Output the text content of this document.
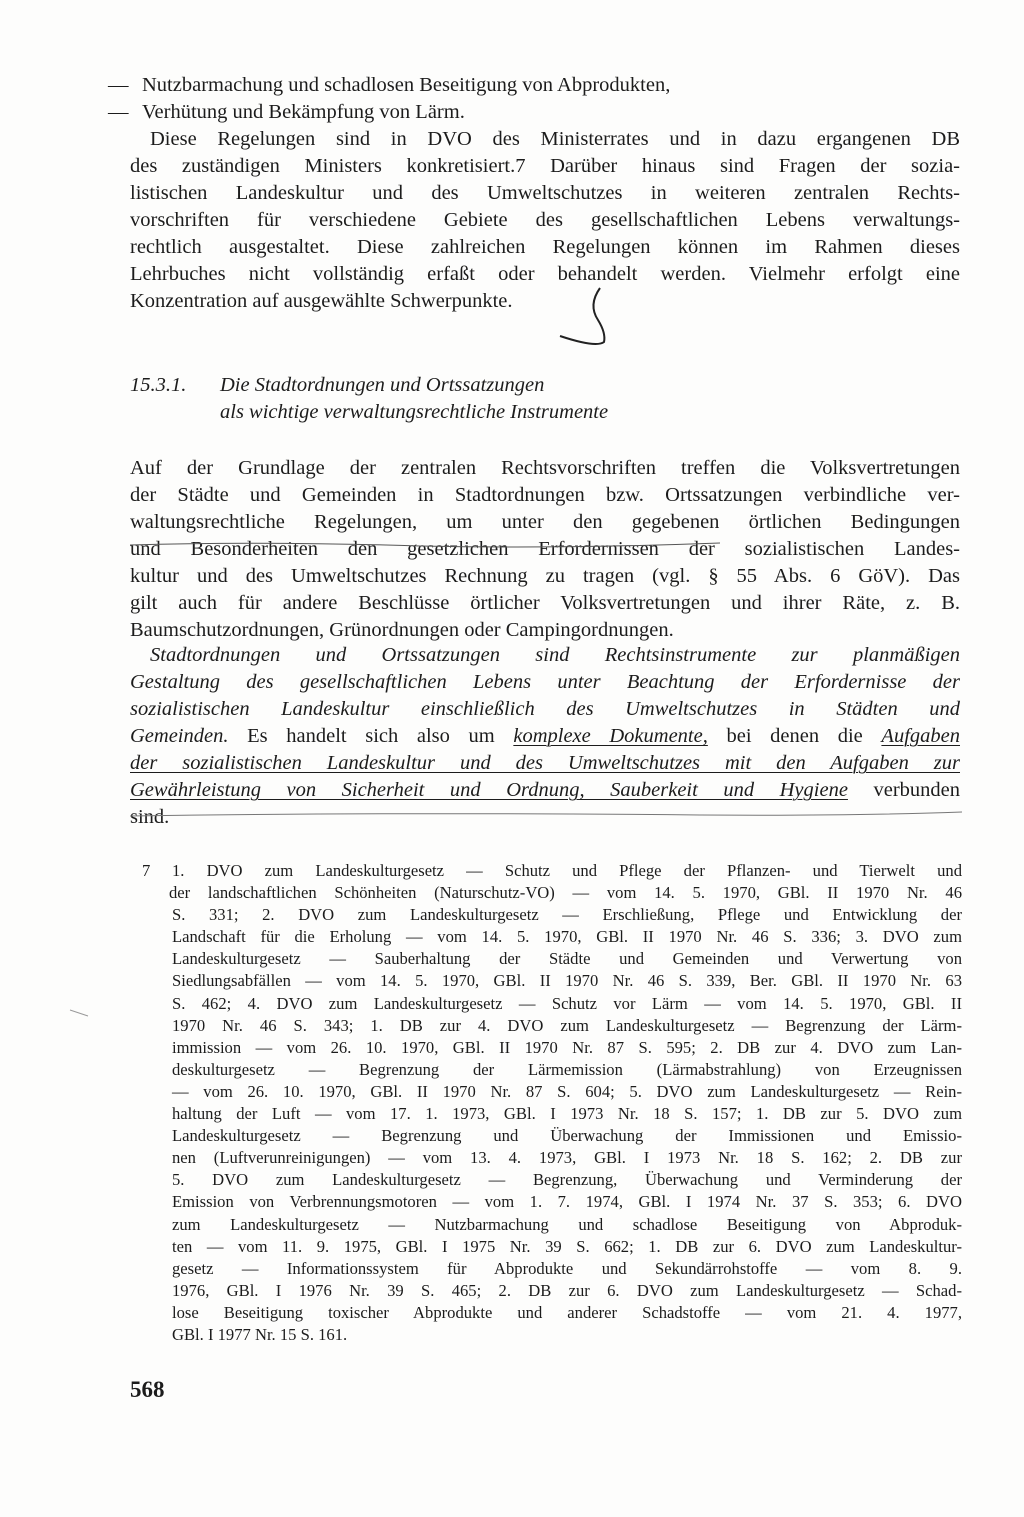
— Nutzbarmachung und schadlosen Beseitigung von Abprodukten,
— Verhütung und Bekämpfung von Lärm.
Diese Regelungen sind in DVO des Ministerrates und in dazu ergangenen DB
des zuständigen Ministers konkretisiert.7 Darüber hinaus sind Fragen der sozia-
listischen Landeskultur und des Umweltschutzes in weiteren zentralen Rechts-
vorschriften für verschiedene Gebiete des gesellschaftlichen Lebens verwaltungs-
rechtlich ausgestaltet. Diese zahlreichen Regelungen können im Rahmen dieses
Lehrbuches nicht vollständig erfaßt oder behandelt werden. Vielmehr erfolgt eine
Konzentration auf ausgewählte Schwerpunkte.
15.3.1. Die Stadtordnungen und Ortssatzungen
als wichtige verwaltungsrechtliche Instrumente
Auf der Grundlage der zentralen Rechtsvorschriften treffen die Volksvertretungen
der Städte und Gemeinden in Stadtordnungen bzw. Ortssatzungen verbindliche ver-
waltungsrechtliche Regelungen, um unter den gegebenen örtlichen Bedingungen
und Besonderheiten den gesetzlichen Erfordernissen der sozialistischen Landes-
kultur und des Umweltschutzes Rechnung zu tragen (vgl. § 55 Abs. 6 GöV). Das
gilt auch für andere Beschlüsse örtlicher Volksvertretungen und ihrer Räte, z. B.
Baumschutzordnungen, Grünordnungen oder Campingordnungen.
Stadtordnungen und Ortssatzungen sind Rechtsinstrumente zur planmäßigen
Gestaltung des gesellschaftlichen Lebens unter Beachtung der Erfordernisse der
sozialistischen Landeskultur einschließlich des Umweltschutzes in Städten und
Gemeinden. Es handelt sich also um komplexe Dokumente, bei denen die Aufgaben
der sozialistischen Landeskultur und des Umweltschutzes mit den Aufgaben zur
Gewährleistung von Sicherheit und Ordnung, Sauberkeit und Hygiene verbunden
sind.
7 1. DVO zum Landeskulturgesetz — Schutz und Pflege der Pflanzen- und Tierwelt und
der landschaftlichen Schönheiten (Naturschutz-VO) — vom 14. 5. 1970, GBl. II 1970 Nr. 46
S. 331; 2. DVO zum Landeskulturgesetz — Erschließung, Pflege und Entwicklung der
Landschaft für die Erholung — vom 14. 5. 1970, GBl. II 1970 Nr. 46 S. 336; 3. DVO zum
Landeskulturgesetz — Sauberhaltung der Städte und Gemeinden und Verwertung von
Siedlungsabfällen — vom 14. 5. 1970, GBl. II 1970 Nr. 46 S. 339, Ber. GBl. II 1970 Nr. 63
S. 462; 4. DVO zum Landeskulturgesetz — Schutz vor Lärm — vom 14. 5. 1970, GBl. II
1970 Nr. 46 S. 343; 1. DB zur 4. DVO zum Landeskulturgesetz — Begrenzung der Lärm-
immission — vom 26. 10. 1970, GBl. II 1970 Nr. 87 S. 595; 2. DB zur 4. DVO zum Lan-
deskulturgesetz — Begrenzung der Lärmemission (Lärmabstrahlung) von Erzeugnissen
— vom 26. 10. 1970, GBl. II 1970 Nr. 87 S. 604; 5. DVO zum Landeskulturgesetz — Rein-
haltung der Luft — vom 17. 1. 1973, GBl. I 1973 Nr. 18 S. 157; 1. DB zur 5. DVO zum
Landeskulturgesetz — Begrenzung und Überwachung der Immissionen und Emissio-
nen (Luftverunreinigungen) — vom 13. 4. 1973, GBl. I 1973 Nr. 18 S. 162; 2. DB zur
5. DVO zum Landeskulturgesetz — Begrenzung, Überwachung und Verminderung der
Emission von Verbrennungsmotoren — vom 1. 7. 1974, GBl. I 1974 Nr. 37 S. 353; 6. DVO
zum Landeskulturgesetz — Nutzbarmachung und schadlose Beseitigung von Abproduk-
ten — vom 11. 9. 1975, GBl. I 1975 Nr. 39 S. 662; 1. DB zur 6. DVO zum Landeskultur-
gesetz — Informationssystem für Abprodukte und Sekundärrohstoffe — vom 8. 9.
1976, GBl. I 1976 Nr. 39 S. 465; 2. DB zur 6. DVO zum Landeskulturgesetz — Schad-
lose Beseitigung toxischer Abprodukte und anderer Schadstoffe — vom 21. 4. 1977,
GBl. I 1977 Nr. 15 S. 161.
568
